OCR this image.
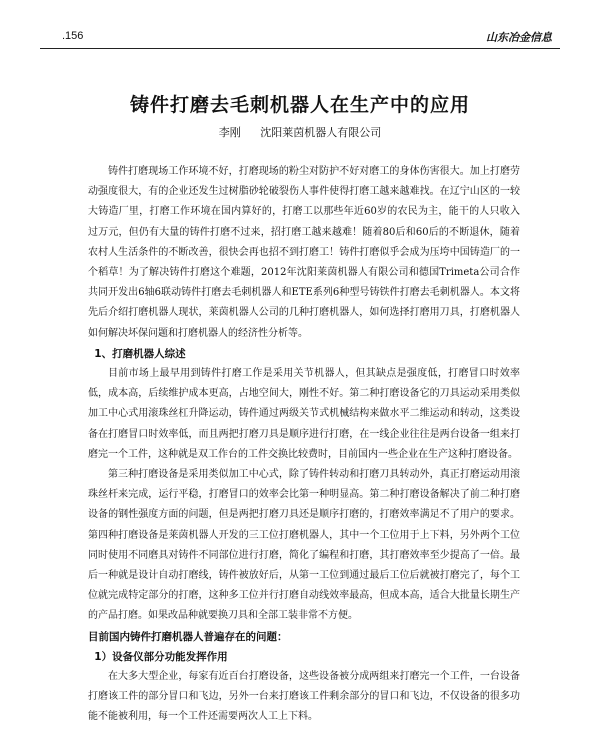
.156	山东冶金信息
铸件打磨去毛刺机器人在生产中的应用
李刚 沈阳莱茵机器人有限公司

铸件打磨现场工作环境不好，打磨现场的粉尘对防护不好对磨工的身体伤害很大。加上打磨劳动强度很大，有的企业还发生过树脂砂轮破裂伤人事件使得打磨工越来越难找。在辽宁山区的一较大铸造厂里，打磨工作环境在国内算好的，打磨工以那些年近60岁的农民为主，能干的人只收入过万元，但仍有大量的铸件打磨不过来，招打磨工越来越难！随着80后和60后的不断退休，随着农村人生活条件的不断改善，很快会再也招不到打磨工！铸件打磨似乎会成为压垮中国铸造厂的一个稻草！为了解决铸件打磨这个难题，2012年沈阳莱茵机器人有限公司和德国Trimeta公司合作共同开发出6轴6联动铸件打磨去毛刺机器人和ETE系列6种型号铸铁件打磨去毛刺机器人。本文将先后介绍打磨机器人现状，莱茵机器人公司的几种打磨机器人，如何选择打磨用刀具，打磨机器人如何解决坏保问题和打磨机器人的经济性分析等。

1、打磨机器人综述

目前市场上最早用到铸件打磨工作是采用关节机器人，但其缺点是强度低，打磨冒口时效率低，成本高，后续维护成本更高，占地空间大，刚性不好。第二种打磨设备它的刀具运动采用类似加工中心式用滚珠丝杠升降运动，铸件通过两级关节式机械结构来做水平二维运动和转动，这类设备在打磨冒口时效率低，而且两把打磨刀具是顺序进行打磨，在一线企业往往是两台设备一组来打磨完一个工件，这种就是双工作台的工件交换比较费时，目前国内一些企业在生产这种打磨设备。

第三种打磨设备是采用类似加工中心式，除了铸件转动和打磨刀具转动外，真正打磨运动用滚珠丝杆来完成，运行平稳，打磨冒口的效率会比第一种明显高。第二种打磨设备解决了前二种打磨设备的钢性强度方面的问题，但是两把打磨刀具还是顺序打磨的，打磨效率满足不了用户的要求。第四种打磨设备是莱茵机器人开发的三工位打磨机器人，其中一个工位用于上下料，另外两个工位同时使用不同磨具对铸件不同部位进行打磨，简化了编程和打磨，其打磨效率至少提高了一倍。最后一种就是设计自动打磨线，铸件被放好后，从第一工位到通过最后工位后就被打磨完了，每个工位就完成特定部分的打磨，这种多工位并行打磨自动线效率最高，但成本高，适合大批量长期生产的产品打磨。如果改品种就要换刀具和全部工装非常不方便。

目前国内铸件打磨机器人普遍存在的问题：
1）设备仪部分功能发挥作用

在大多大型企业，每家有近百台打磨设备，这些设备被分成两组来打磨完一个工件，一台设备打磨该工件的部分冒口和飞边，另外一台来打磨该工件剩余部分的冒口和飞边，不仅设备的很多功能不能被利用，每一个工件还需要两次人工上下料。
